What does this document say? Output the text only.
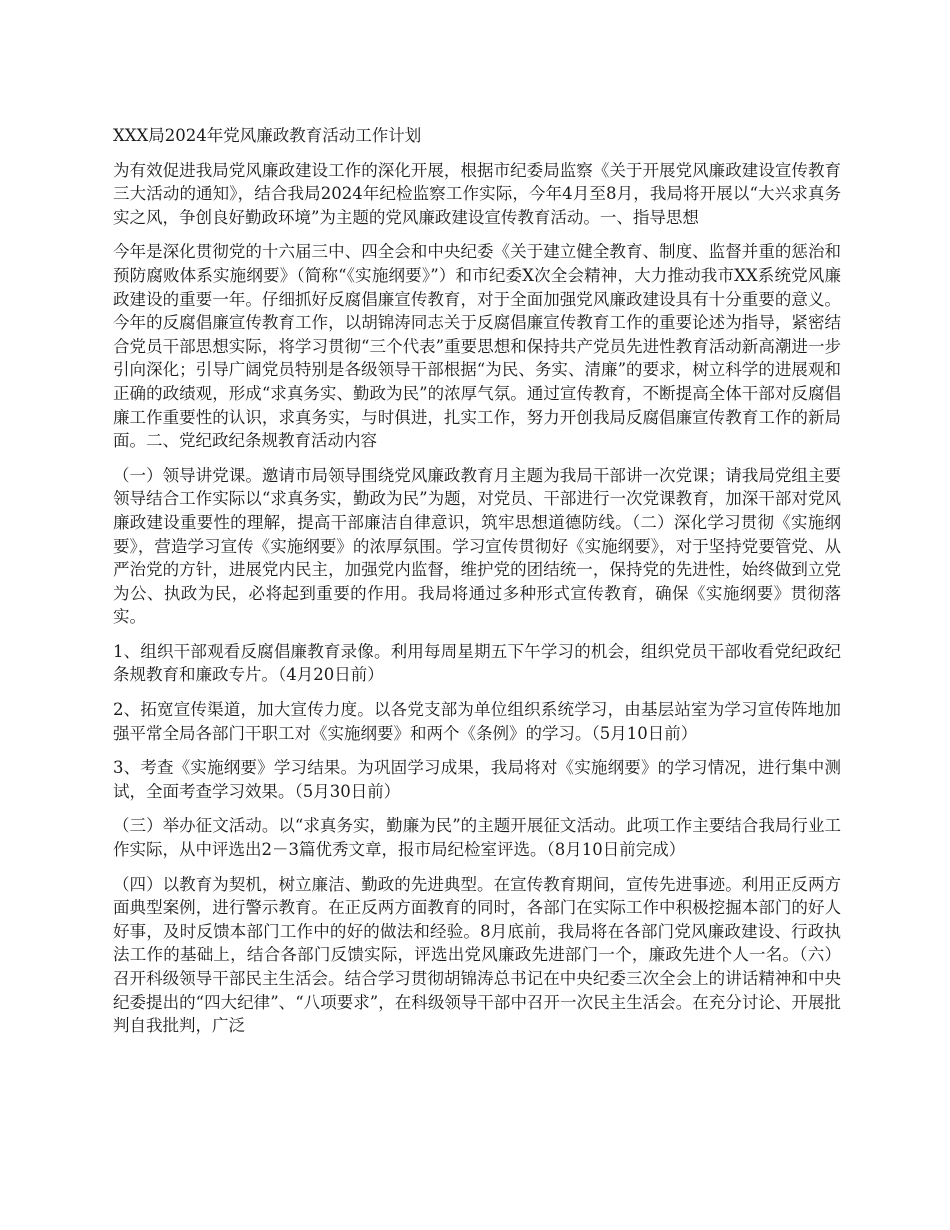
XXX局2024年党风廉政教育活动工作计划

为有效促进我局党风廉政建设工作的深化开展，根据市纪委局监察《关于开展党风廉政建设宣传教育三大活动的通知》，结合我局2024年纪检监察工作实际，今年4月至8月，我局将开展以“大兴求真务实之风，争创良好勤政环境”为主题的党风廉政建设宣传教育活动。一、指导思想

今年是深化贯彻党的十六届三中、四全会和中央纪委《关于建立健全教育、制度、监督并重的惩治和预防腐败体系实施纲要》（简称“《实施纲要》”）和市纪委X次全会精神，大力推动我市XX系统党风廉政建设的重要一年。仔细抓好反腐倡廉宣传教育，对于全面加强党风廉政建设具有十分重要的意义。今年的反腐倡廉宣传教育工作，以胡锦涛同志关于反腐倡廉宣传教育工作的重要论述为指导，紧密结合党员干部思想实际，将学习贯彻“三个代表”重要思想和保持共产党员先进性教育活动新高潮进一步引向深化；引导广阔党员特别是各级领导干部根据“为民、务实、清廉”的要求，树立科学的进展观和正确的政绩观，形成“求真务实、勤政为民”的浓厚气氛。通过宣传教育，不断提高全体干部对反腐倡廉工作重要性的认识，求真务实，与时俱进，扎实工作，努力开创我局反腐倡廉宣传教育工作的新局面。二、党纪政纪条规教育活动内容

（一）领导讲党课。邀请市局领导围绕党风廉政教育月主题为我局干部讲一次党课；请我局党组主要领导结合工作实际以“求真务实，勤政为民”为题，对党员、干部进行一次党课教育，加深干部对党风廉政建设重要性的理解，提高干部廉洁自律意识，筑牢思想道德防线。（二）深化学习贯彻《实施纲要》，营造学习宣传《实施纲要》的浓厚氛围。学习宣传贯彻好《实施纲要》，对于坚持党要管党、从严治党的方针，进展党内民主，加强党内监督，维护党的团结统一，保持党的先进性，始终做到立党为公、执政为民，必将起到重要的作用。我局将通过多种形式宣传教育，确保《实施纲要》贯彻落实。

1、组织干部观看反腐倡廉教育录像。利用每周星期五下午学习的机会，组织党员干部收看党纪政纪条规教育和廉政专片。（4月20日前）

2、拓宽宣传渠道，加大宣传力度。以各党支部为单位组织系统学习，由基层站室为学习宣传阵地加强平常全局各部门干职工对《实施纲要》和两个《条例》的学习。（5月10日前）

3、考查《实施纲要》学习结果。为巩固学习成果，我局将对《实施纲要》的学习情况，进行集中测试，全面考查学习效果。（5月30日前）

（三）举办征文活动。以“求真务实，勤廉为民”的主题开展征文活动。此项工作主要结合我局行业工作实际，从中评选出2－3篇优秀文章，报市局纪检室评选。（8月10日前完成）

（四）以教育为契机，树立廉洁、勤政的先进典型。在宣传教育期间，宣传先进事迹。利用正反两方面典型案例，进行警示教育。在正反两方面教育的同时，各部门在实际工作中积极挖掘本部门的好人好事，及时反馈本部门工作中的好的做法和经验。8月底前，我局将在各部门党风廉政建设、行政执法工作的基础上，结合各部门反馈实际，评选出党风廉政先进部门一个，廉政先进个人一名。（六）召开科级领导干部民主生活会。结合学习贯彻胡锦涛总书记在中央纪委三次全会上的讲话精神和中央纪委提出的“四大纪律”、“八项要求”，在科级领导干部中召开一次民主生活会。在充分讨论、开展批判自我批判，广泛
